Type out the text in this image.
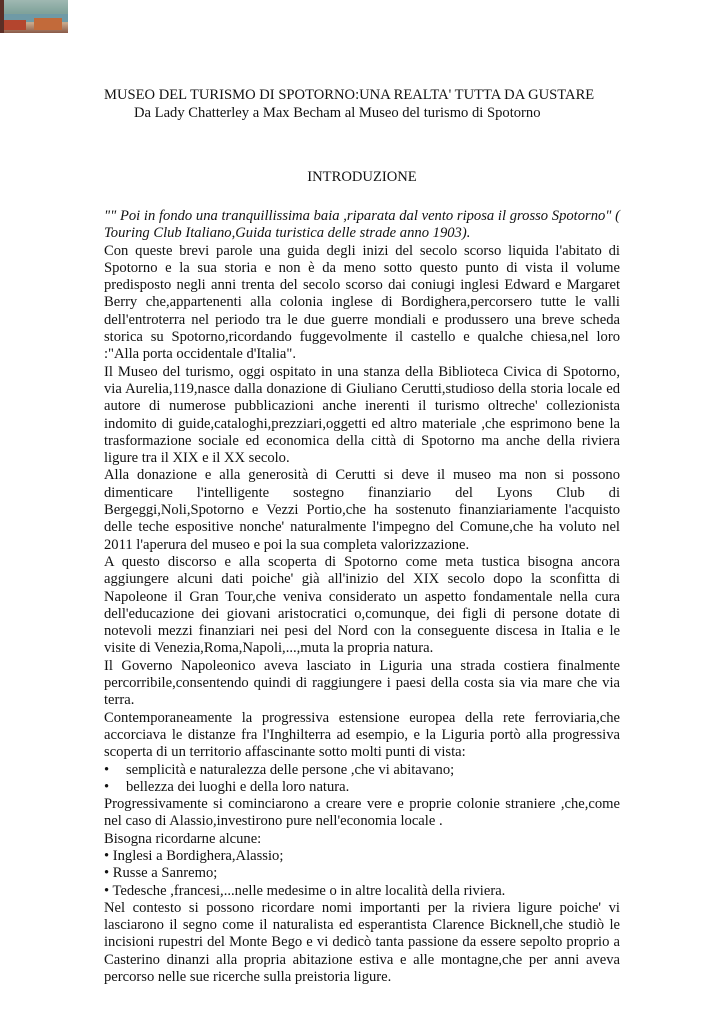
MUSEO DEL TURISMO DI SPOTORNO:UNA REALTA' TUTTA DA GUSTARE

Da Lady Chatterley a Max Becham al Museo del turismo di Spotorno

INTRODUZIONE

"" Poi in fondo una tranquillissima baia ,riparata dal vento riposa il grosso Spotorno" ( Touring Club Italiano,Guida turistica delle strade anno 1903).

Con queste brevi parole una guida degli inizi del secolo scorso liquida l'abitato di Spotorno e la sua storia e non è da meno sotto questo punto di vista il volume predisposto negli anni trenta del secolo scorso dai coniugi inglesi Edward e Margaret Berry che,appartenenti alla colonia inglese di Bordighera,percorsero tutte le valli dell'entroterra nel periodo tra le due guerre mondiali e produssero una breve scheda storica su Spotorno,ricordando fuggevolmente il castello e qualche chiesa,nel loro :"Alla porta occidentale d'Italia".

Il Museo del turismo, oggi ospitato in una stanza della Biblioteca Civica di Spotorno, via Aurelia,119,nasce dalla donazione di Giuliano Cerutti,studioso della storia locale ed autore di numerose pubblicazioni anche inerenti il turismo oltreche' collezionista indomito di guide,cataloghi,prezziari,oggetti ed altro materiale ,che esprimono bene la trasformazione sociale ed economica della città di Spotorno ma anche della riviera ligure tra il XIX e il XX secolo.

Alla donazione e alla generosità di Cerutti si deve il museo ma non si possono dimenticare l'intelligente sostegno finanziario del Lyons Club di Bergeggi,Noli,Spotorno e Vezzi Portio,che ha sostenuto finanziariamente l'acquisto delle teche espositive nonche' naturalmente l'impegno del Comune,che ha voluto nel 2011 l'aperura del museo e poi la sua completa valorizzazione.

A questo discorso e alla scoperta di Spotorno come meta tustica bisogna ancora aggiungere alcuni dati poiche' già all'inizio del XIX secolo dopo la sconfitta di Napoleone il Gran Tour,che veniva considerato un aspetto fondamentale nella cura dell'educazione dei giovani aristocratici o,comunque, dei figli di persone dotate di notevoli mezzi finanziari nei pesi del Nord con la conseguente discesa in Italia e le visite di Venezia,Roma,Napoli,...,muta la propria natura.

Il Governo Napoleonico aveva lasciato in Liguria una strada costiera finalmente percorribile,consentendo quindi di raggiungere i paesi della costa sia via mare che via terra.

Contemporaneamente la progressiva estensione europea della rete ferroviaria,che accorciava le distanze fra l'Inghilterra ad esempio, e la Liguria portò alla progressiva scoperta di un territorio affascinante sotto molti punti di vista:

•	semplicità e naturalezza delle persone ,che vi abitavano;
•	bellezza dei luoghi e della loro natura.

Progressivamente si cominciarono a creare vere e proprie colonie straniere ,che,come nel caso di Alassio,investirono pure nell'economia locale .

Bisogna ricordarne alcune:

• Inglesi a Bordighera,Alassio;

• Russe a Sanremo;

• Tedesche ,francesi,...nelle medesime o in altre località della riviera.

Nel contesto si possono ricordare nomi importanti per la riviera ligure poiche' vi lasciarono il segno come il naturalista ed esperantista Clarence Bicknell,che studiò le incisioni rupestri del Monte Bego e vi dedicò tanta passione da essere sepolto proprio a Casterino dinanzi alla propria abitazione estiva e alle montagne,che per anni aveva percorso nelle sue ricerche sulla preistoria ligure.
